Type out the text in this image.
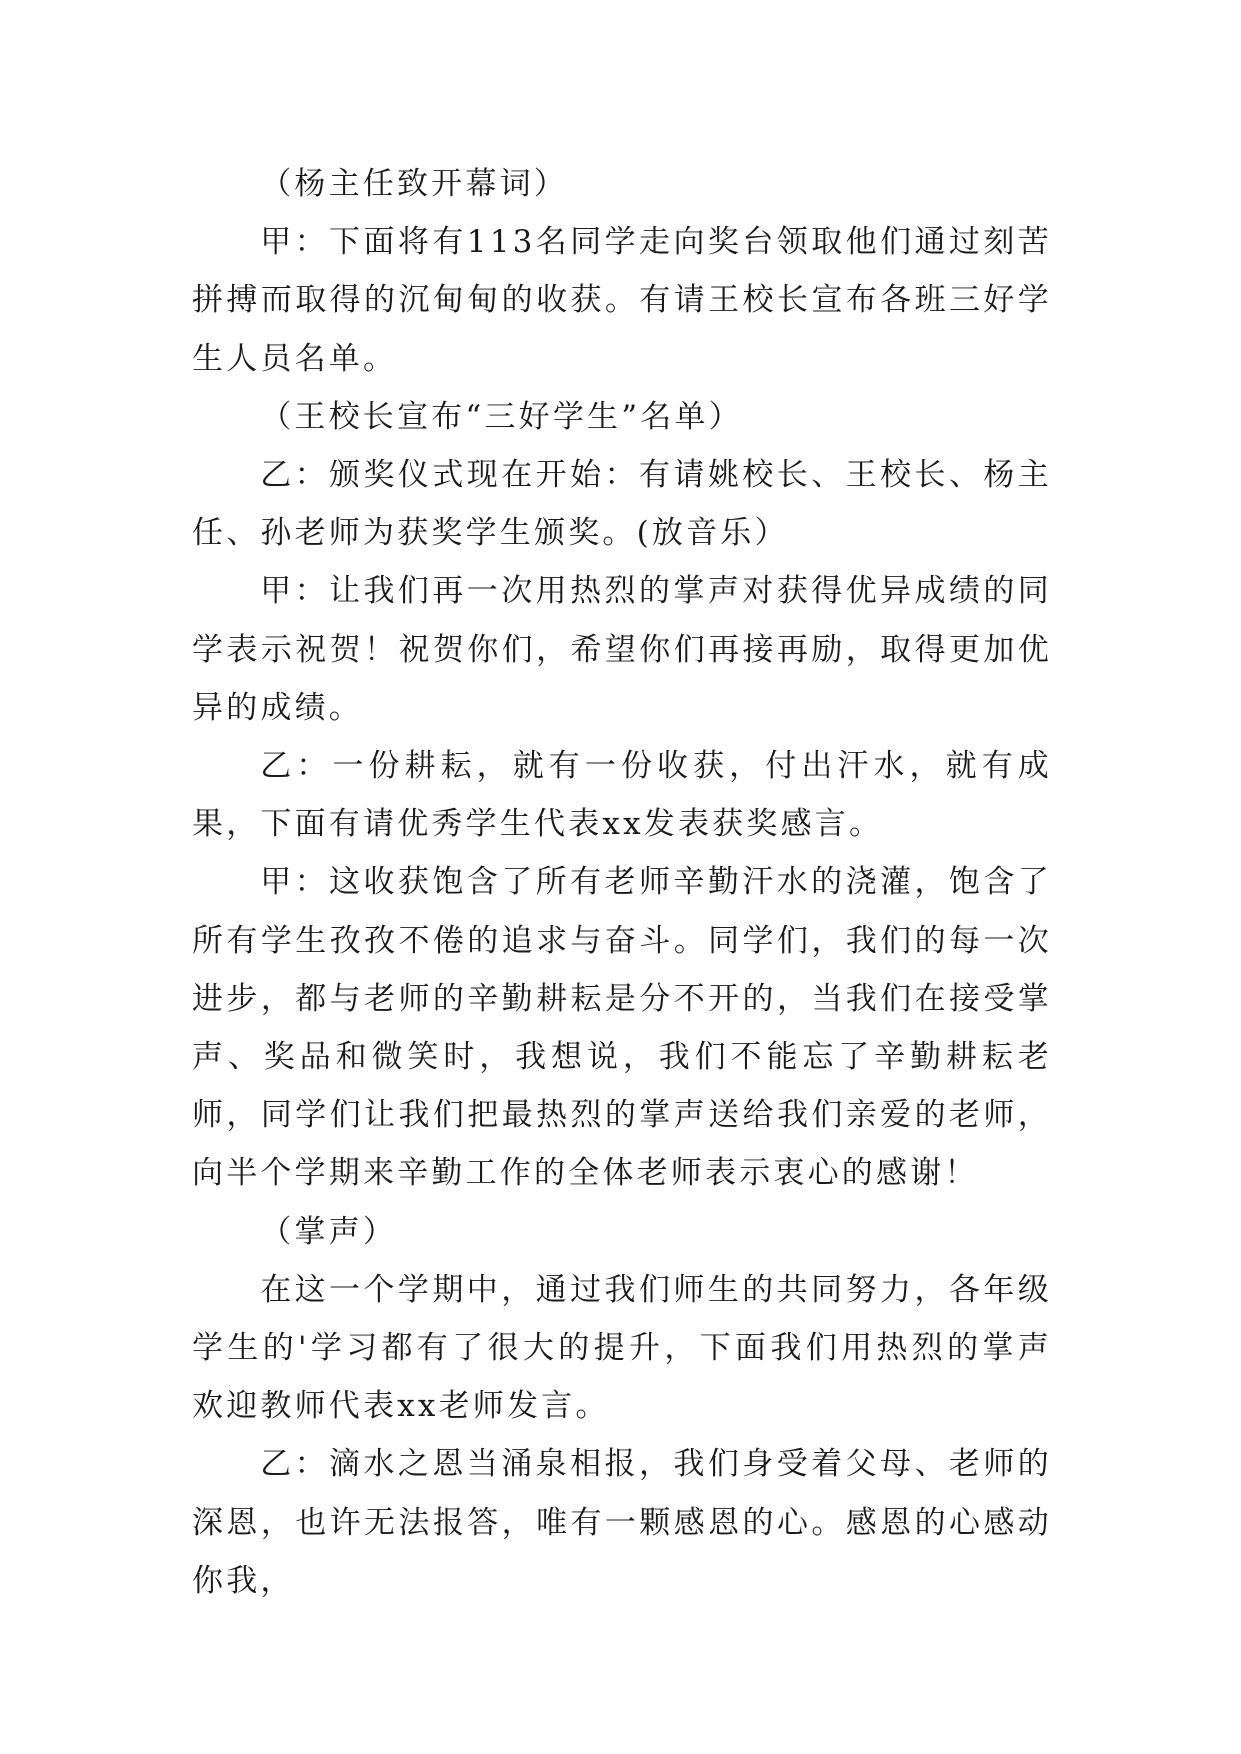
（杨主任致开幕词）

甲：下面将有113名同学走向奖台领取他们通过刻苦拼搏而取得的沉甸甸的收获。有请王校长宣布各班三好学生人员名单。

（王校长宣布“三好学生”名单）

乙：颁奖仪式现在开始：有请姚校长、王校长、杨主任、孙老师为获奖学生颁奖。(放音乐）

甲：让我们再一次用热烈的掌声对获得优异成绩的同学表示祝贺！祝贺你们，希望你们再接再励，取得更加优异的成绩。

乙：一份耕耘，就有一份收获，付出汗水，就有成果，下面有请优秀学生代表xx发表获奖感言。

甲：这收获饱含了所有老师辛勤汗水的浇灌，饱含了所有学生孜孜不倦的追求与奋斗。同学们，我们的每一次进步，都与老师的辛勤耕耘是分不开的，当我们在接受掌声、奖品和微笑时，我想说，我们不能忘了辛勤耕耘老师，同学们让我们把最热烈的掌声送给我们亲爱的老师，向半个学期来辛勤工作的全体老师表示衷心的感谢！

（掌声）

在这一个学期中，通过我们师生的共同努力，各年级学生的'学习都有了很大的提升，下面我们用热烈的掌声欢迎教师代表xx老师发言。

乙：滴水之恩当涌泉相报，我们身受着父母、老师的深恩，也许无法报答，唯有一颗感恩的心。感恩的心感动你我，
